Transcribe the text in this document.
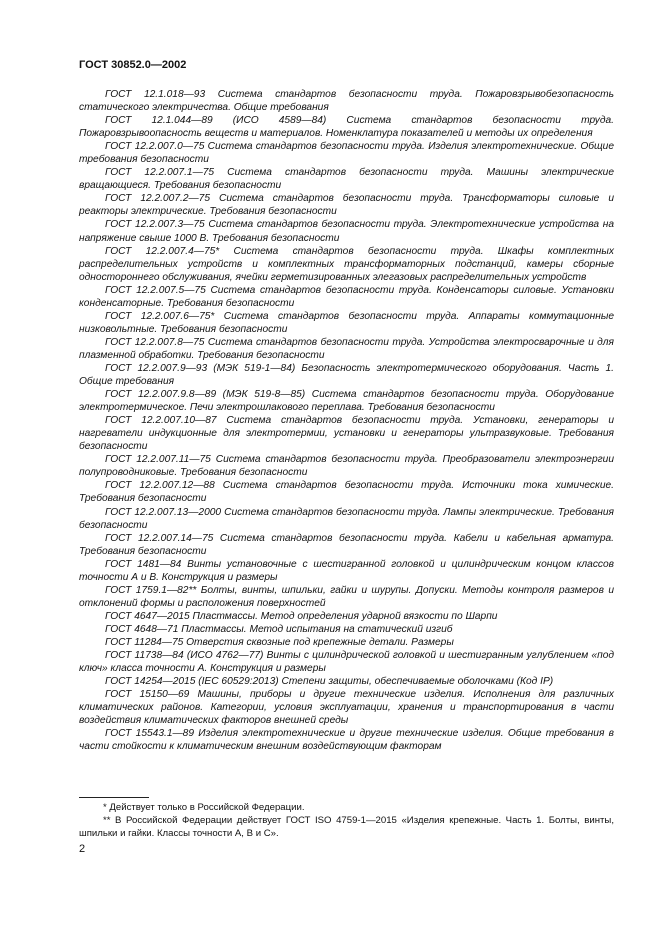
ГОСТ 30852.0—2002

ГОСТ 12.1.018—93 Система стандартов безопасности труда. Пожаровзрывобезопасность статического электричества. Общие требования

ГОСТ 12.1.044—89 (ИСО 4589—84) Система стандартов безопасности труда. Пожаровзрывоопасность веществ и материалов. Номенклатура показателей и методы их определения

ГОСТ 12.2.007.0—75 Система стандартов безопасности труда. Изделия электротехнические. Общие требования безопасности

ГОСТ 12.2.007.1—75 Система стандартов безопасности труда. Машины электрические вращающиеся. Требования безопасности

ГОСТ 12.2.007.2—75 Система стандартов безопасности труда. Трансформаторы силовые и реакторы электрические. Требования безопасности

ГОСТ 12.2.007.3—75 Система стандартов безопасности труда. Электротехнические устройства на напряжение свыше 1000 В. Требования безопасности

ГОСТ 12.2.007.4—75* Система стандартов безопасности труда. Шкафы комплектных распределительных устройств и комплектных трансформаторных подстанций, камеры сборные одностороннего обслуживания, ячейки герметизированных элегазовых распределительных устройств

ГОСТ 12.2.007.5—75 Система стандартов безопасности труда. Конденсаторы силовые. Установки конденсаторные. Требования безопасности

ГОСТ 12.2.007.6—75* Система стандартов безопасности труда. Аппараты коммутационные низковольтные. Требования безопасности

ГОСТ 12.2.007.8—75 Система стандартов безопасности труда. Устройства электросварочные и для плазменной обработки. Требования безопасности

ГОСТ 12.2.007.9—93 (МЭК 519-1—84) Безопасность электротермического оборудования. Часть 1. Общие требования

ГОСТ 12.2.007.9.8—89 (МЭК 519-8—85) Система стандартов безопасности труда. Оборудование электротермическое. Печи электрошлакового переплава. Требования безопасности

ГОСТ 12.2.007.10—87 Система стандартов безопасности труда. Установки, генераторы и нагреватели индукционные для электротермии, установки и генераторы ультразвуковые. Требования безопасности

ГОСТ 12.2.007.11—75 Система стандартов безопасности труда. Преобразователи электроэнергии полупроводниковые. Требования безопасности

ГОСТ 12.2.007.12—88 Система стандартов безопасности труда. Источники тока химические. Требования безопасности

ГОСТ 12.2.007.13—2000 Система стандартов безопасности труда. Лампы электрические. Требования безопасности

ГОСТ 12.2.007.14—75 Система стандартов безопасности труда. Кабели и кабельная арматура. Требования безопасности

ГОСТ 1481—84 Винты установочные с шестигранной головкой и цилиндрическим концом классов точности А и В. Конструкция и размеры

ГОСТ 1759.1—82** Болты, винты, шпильки, гайки и шурупы. Допуски. Методы контроля размеров и отклонений формы и расположения поверхностей

ГОСТ 4647—2015 Пластмассы. Метод определения ударной вязкости по Шарпи

ГОСТ 4648—71 Пластмассы. Метод испытания на статический изгиб

ГОСТ 11284—75 Отверстия сквозные под крепежные детали. Размеры

ГОСТ 11738—84 (ИСО 4762—77) Винты с цилиндрической головкой и шестигранным углублением «под ключ» класса точности А. Конструкция и размеры

ГОСТ 14254—2015 (IEC 60529:2013) Степени защиты, обеспечиваемые оболочками (Код IP)

ГОСТ 15150—69 Машины, приборы и другие технические изделия. Исполнения для различных климатических районов. Категории, условия эксплуатации, хранения и транспортирования в части воздействия климатических факторов внешней среды

ГОСТ 15543.1—89 Изделия электротехнические и другие технические изделия. Общие требования в части стойкости к климатическим внешним воздействующим факторам

* Действует только в Российской Федерации.

** В Российской Федерации действует ГОСТ ISO 4759-1—2015 «Изделия крепежные. Часть 1. Болты, винты, шпильки и гайки. Классы точности А, В и С».

2
